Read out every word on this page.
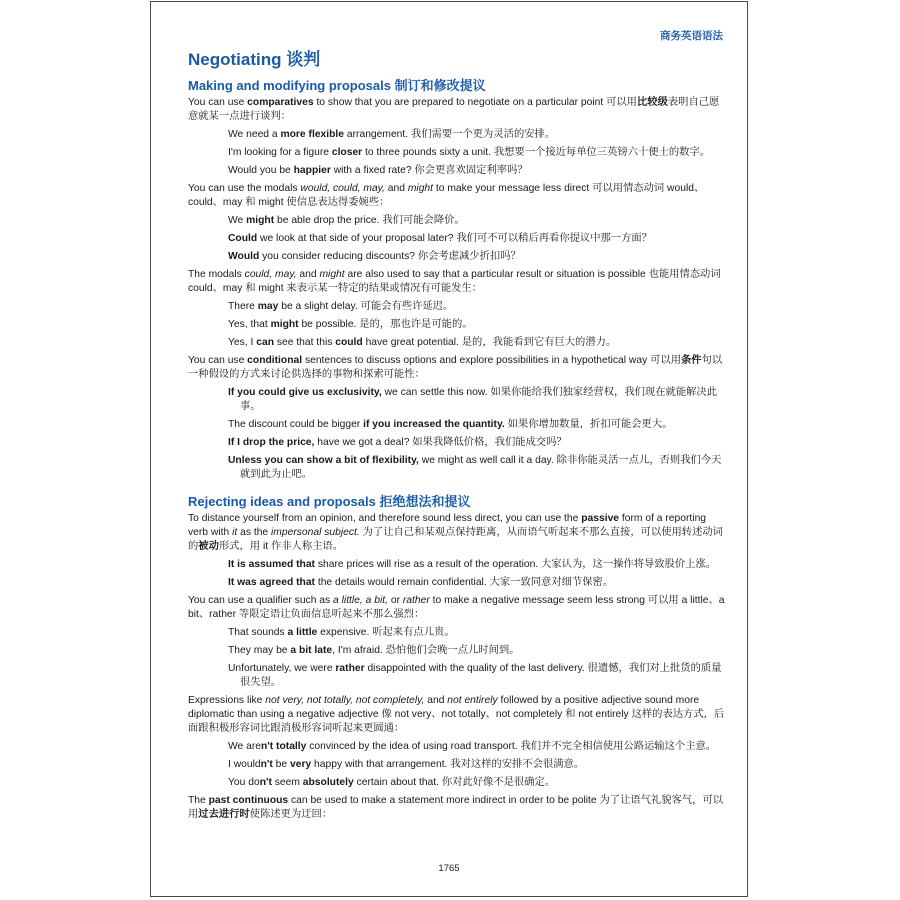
商务英语语法
Negotiating 谈判
Making and modifying proposals 制订和修改提议
You can use comparatives to show that you are prepared to negotiate on a particular point 可以用比较级表明自己愿意就某一点进行谈判：
We need a more flexible arrangement. 我们需要一个更为灵活的安排。
I'm looking for a figure closer to three pounds sixty a unit. 我想要一个接近每单位三英镑六十便士的数字。
Would you be happier with a fixed rate? 你会更喜欢固定利率吗？
You can use the modals would, could, may, and might to make your message less direct 可以用情态动词 would、could、may 和 might 使信息表达得委婉些：
We might be able drop the price. 我们可能会降价。
Could we look at that side of your proposal later? 我们可不可以稍后再看你提议中那一方面？
Would you consider reducing discounts? 你会考虑减少折扣吗？
The modals could, may, and might are also used to say that a particular result or situation is possible 也能用情态动词 could、may 和 might 来表示某一特定的结果或情况有可能发生：
There may be a slight delay. 可能会有些许延迟。
Yes, that might be possible. 是的，那也许是可能的。
Yes, I can see that this could have great potential. 是的，我能看到它有巨大的潜力。
You can use conditional sentences to discuss options and explore possibilities in a hypothetical way 可以用条件句以一种假设的方式来讨论供选择的事物和探索可能性：
If you could give us exclusivity, we can settle this now. 如果你能给我们独家经营权，我们现在就能解决此事。
The discount could be bigger if you increased the quantity. 如果你增加数量，折扣可能会更大。
If I drop the price, have we got a deal? 如果我降低价格，我们能成交吗？
Unless you can show a bit of flexibility, we might as well call it a day. 除非你能灵活一点儿，否则我们今天就到此为止吧。
Rejecting ideas and proposals 拒绝想法和提议
To distance yourself from an opinion, and therefore sound less direct, you can use the passive form of a reporting verb with it as the impersonal subject. 为了让自己和某观点保持距离，从而语气听起来不那么直接，可以使用转述动词的被动形式，用 it 作非人称主语。
It is assumed that share prices will rise as a result of the operation. 大家认为，这一操作将导致股价上涨。
It was agreed that the details would remain confidential. 大家一致同意对细节保密。
You can use a qualifier such as a little, a bit, or rather to make a negative message seem less strong 可以用 a little、a bit、rather 等限定语让负面信息听起来不那么强烈：
That sounds a little expensive. 听起来有点儿贵。
They may be a bit late, I'm afraid. 恐怕他们会晚一点儿时间到。
Unfortunately, we were rather disappointed with the quality of the last delivery. 很遗憾，我们对上批货的质量很失望。
Expressions like not very, not totally, not completely, and not entirely followed by a positive adjective sound more diplomatic than using a negative adjective 像 not very、not totally、not completely 和 not entirely 这样的表达方式，后面跟积极形容词比跟消极形容词听起来更圆通：
We aren't totally convinced by the idea of using road transport. 我们并不完全相信使用公路运输这个主意。
I wouldn't be very happy with that arrangement. 我对这样的安排不会很满意。
You don't seem absolutely certain about that. 你对此好像不是很确定。
The past continuous can be used to make a statement more indirect in order to be polite 为了让语气礼貌客气，可以用过去进行时使陈述更为迂回：
1765
